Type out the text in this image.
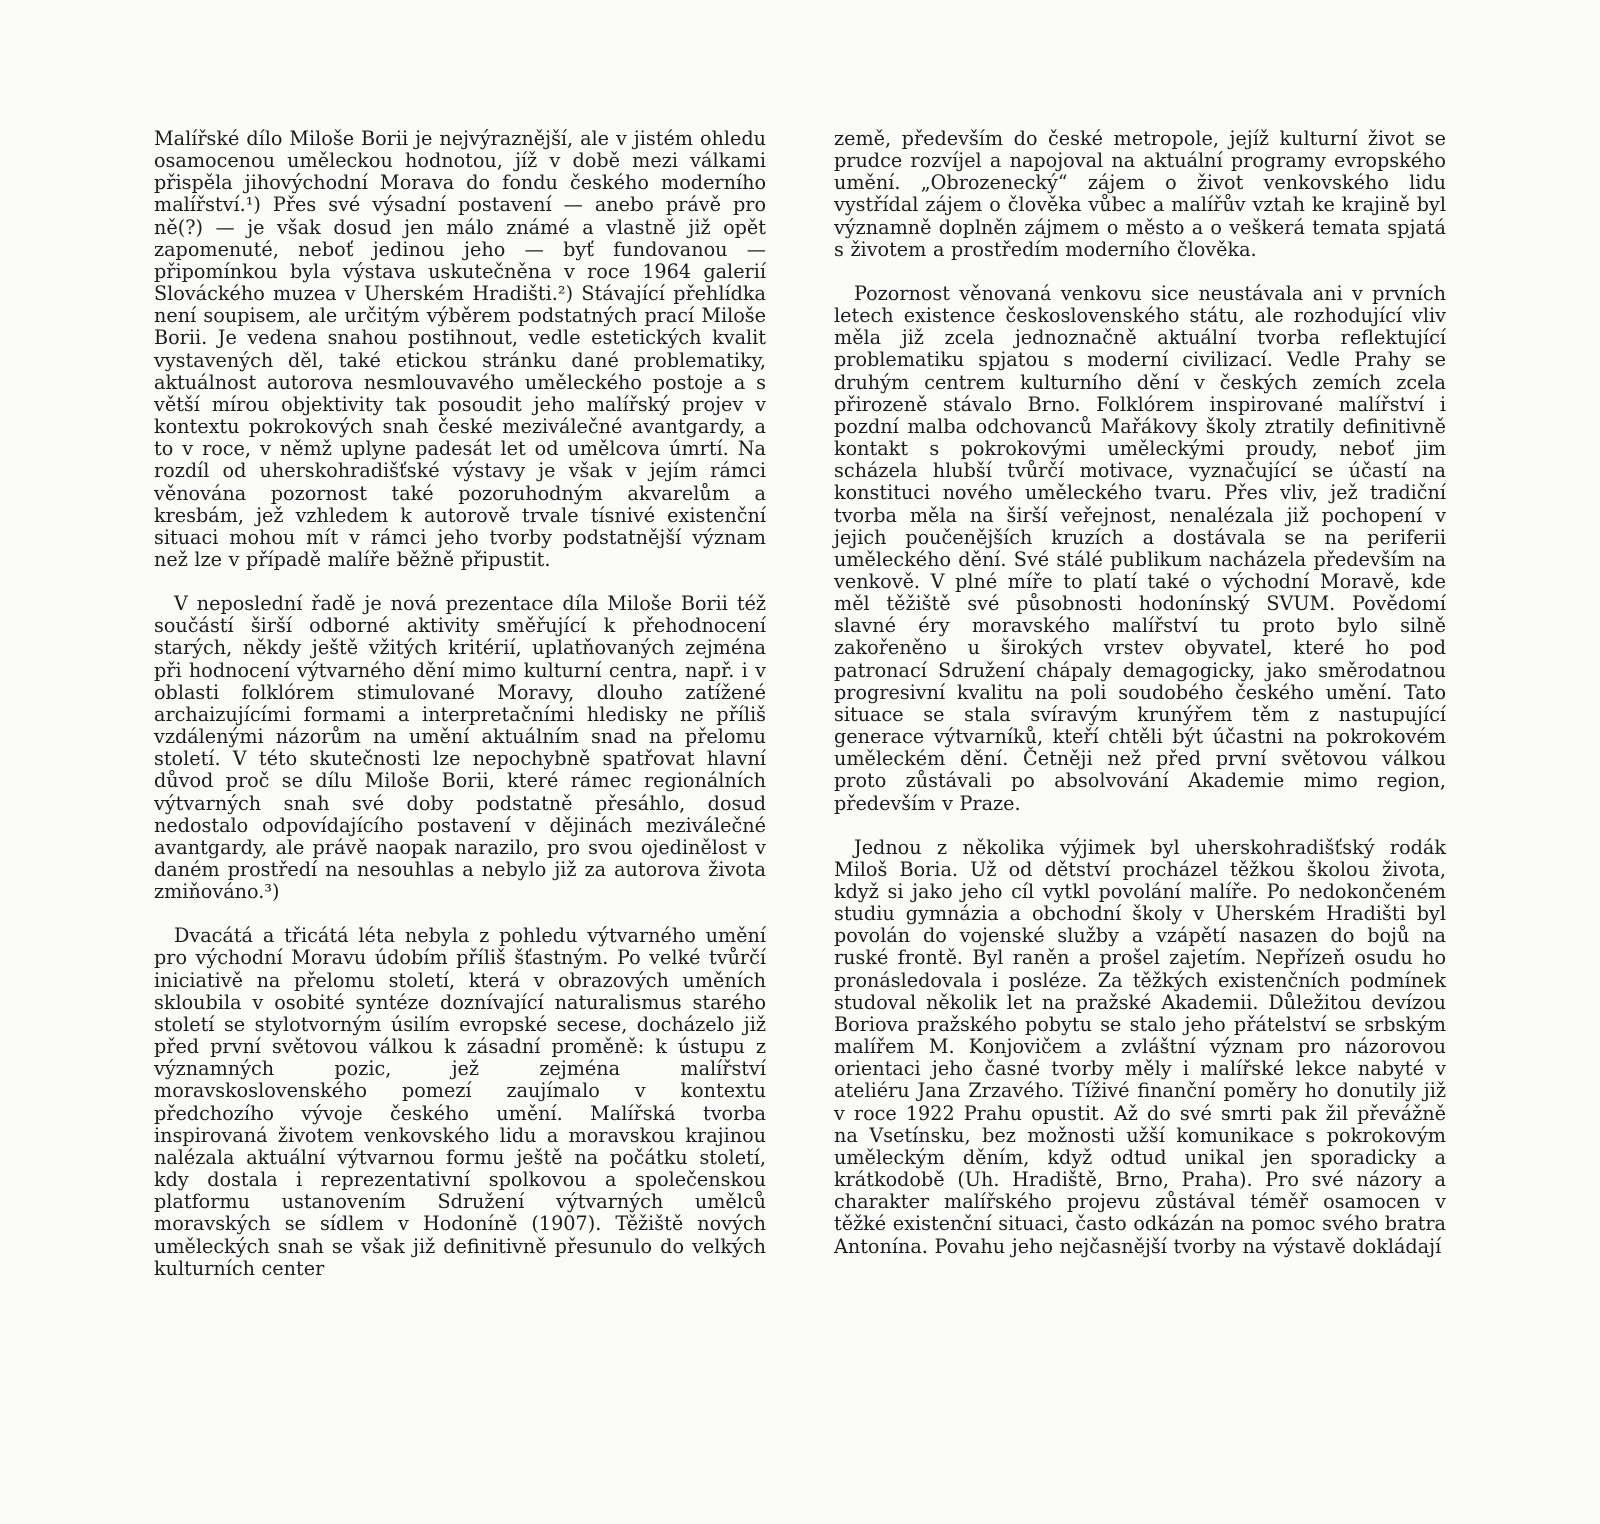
Malířské dílo Miloše Borii je nejvýraznější, ale v jistém ohledu osamocenou uměleckou hodnotou, jíž v době mezi válkami přispěla jihovýchodní Morava do fondu českého moderního malířství.¹) Přes své výsadní postavení — anebo právě pro ně(?) — je však dosud jen málo známé a vlastně již opět zapomenuté, neboť jedinou jeho — byť fundovanou — připomínkou byla výstava uskutečněna v roce 1964 galerií Slováckého muzea v Uherském Hradišti.²) Stávající přehlídka není soupisem, ale určitým výběrem podstatných prací Miloše Borii. Je vedena snahou postihnout, vedle estetických kvalit vystavených děl, také etickou stránku dané problematiky, aktuálnost autorova nesmlouvavého uměleckého postoje a s větší mírou objektivity tak posoudit jeho malířský projev v kontextu pokrokových snah české meziválečné avantgardy, a to v roce, v němž uplyne padesát let od umělcova úmrtí. Na rozdíl od uherskohradišťské výstavy je však v jejím rámci věnována pozornost také pozoruhodným akvarelům a kresbám, jež vzhledem k autorově trvale tísnivé existenční situaci mohou mít v rámci jeho tvorby podstatnější význam než lze v případě malíře běžně připustit.

V neposlední řadě je nová prezentace díla Miloše Borii též součástí širší odborné aktivity směřující k přehodnocení starých, někdy ještě vžitých kritérií, uplatňovaných zejména při hodnocení výtvarného dění mimo kulturní centra, např. i v oblasti folklórem stimulované Moravy, dlouho zatížené archaizujícími formami a interpretačními hledisky ne příliš vzdálenými názorům na umění aktuálním snad na přelomu století. V této skutečnosti lze nepochybně spatřovat hlavní důvod proč se dílu Miloše Borii, které rámec regionálních výtvarných snah své doby podstatně přesáhlo, dosud nedostalo odpovídajícího postavení v dějinách meziválečné avantgardy, ale právě naopak narazilo, pro svou ojedinělost v daném prostředí na nesouhlas a nebylo již za autorova života zmiňováno.³)

Dvacátá a třicátá léta nebyla z pohledu výtvarného umění pro východní Moravu údobím příliš šťastným. Po velké tvůrčí iniciativě na přelomu století, která v obrazových uměních skloubila v osobité syntéze doznívající naturalismus starého století se stylotvorným úsilím evropské secese, docházelo již před první světovou válkou k zásadní proměně: k ústupu z významných pozic, jež zejména malířství moravskoslovenského pomezí zaujímalo v kontextu předchozího vývoje českého umění. Malířská tvorba inspirovaná životem venkovského lidu a moravskou krajinou nalézala aktuální výtvarnou formu ještě na počátku století, kdy dostala i reprezentativní spolkovou a společenskou platformu ustanovením Sdružení výtvarných umělců moravských se sídlem v Hodoníně (1907). Těžiště nových uměleckých snah se však již definitivně přesunulo do velkých kulturních center

země, především do české metropole, jejíž kulturní život se prudce rozvíjel a napojoval na aktuální programy evropského umění. „Obrozenecký“ zájem o život venkovského lidu vystřídal zájem o člověka vůbec a malířův vztah ke krajině byl významně doplněn zájmem o město a o veškerá temata spjatá s životem a prostředím moderního člověka.

Pozornost věnovaná venkovu sice neustávala ani v prvních letech existence československého státu, ale rozhodující vliv měla již zcela jednoznačně aktuální tvorba reflektující problematiku spjatou s moderní civilizací. Vedle Prahy se druhým centrem kulturního dění v českých zemích zcela přirozeně stávalo Brno. Folklórem inspirované malířství i pozdní malba odchovanců Mařákovy školy ztratily definitivně kontakt s pokrokovými uměleckými proudy, neboť jim scházela hlubší tvůrčí motivace, vyznačující se účastí na konstituci nového uměleckého tvaru. Přes vliv, jež tradiční tvorba měla na širší veřejnost, nenalézala již pochopení v jejich poučenějších kruzích a dostávala se na periferii uměleckého dění. Své stálé publikum nacházela především na venkově. V plné míře to platí také o východní Moravě, kde měl těžiště své působnosti hodonínský SVUM. Povědomí slavné éry moravského malířství tu proto bylo silně zakořeněno u širokých vrstev obyvatel, které ho pod patronací Sdružení chápaly demagogicky, jako směrodatnou progresivní kvalitu na poli soudobého českého umění. Tato situace se stala svíravým krunýřem těm z nastupující generace výtvarníků, kteří chtěli být účastni na pokrokovém uměleckém dění. Četněji než před první světovou válkou proto zůstávali po absolvování Akademie mimo region, především v Praze.

Jednou z několika výjimek byl uherskohradišťský rodák Miloš Boria. Už od dětství procházel těžkou školou života, když si jako jeho cíl vytkl povolání malíře. Po nedokončeném studiu gymnázia a obchodní školy v Uherském Hradišti byl povolán do vojenské služby a vzápětí nasazen do bojů na ruské frontě. Byl raněn a prošel zajetím. Nepřízeň osudu ho pronásledovala i posléze. Za těžkých existenčních podmínek studoval několik let na pražské Akademii. Důležitou devízou Boriova pražského pobytu se stalo jeho přátelství se srbským malířem M. Konjovičem a zvláštní význam pro názorovou orientaci jeho časné tvorby měly i malířské lekce nabyté v ateliéru Jana Zrzavého. Tíživé finanční poměry ho donutily již v roce 1922 Prahu opustit. Až do své smrti pak žil převážně na Vsetínsku, bez možnosti užší komunikace s pokrokovým uměleckým děním, když odtud unikal jen sporadicky a krátkodobě (Uh. Hradiště, Brno, Praha). Pro své názory a charakter malířského projevu zůstával téměř osamocen v těžké existenční situaci, často odkázán na pomoc svého bratra Antonína. Povahu jeho nejčasnější tvorby na výstavě dokládají
